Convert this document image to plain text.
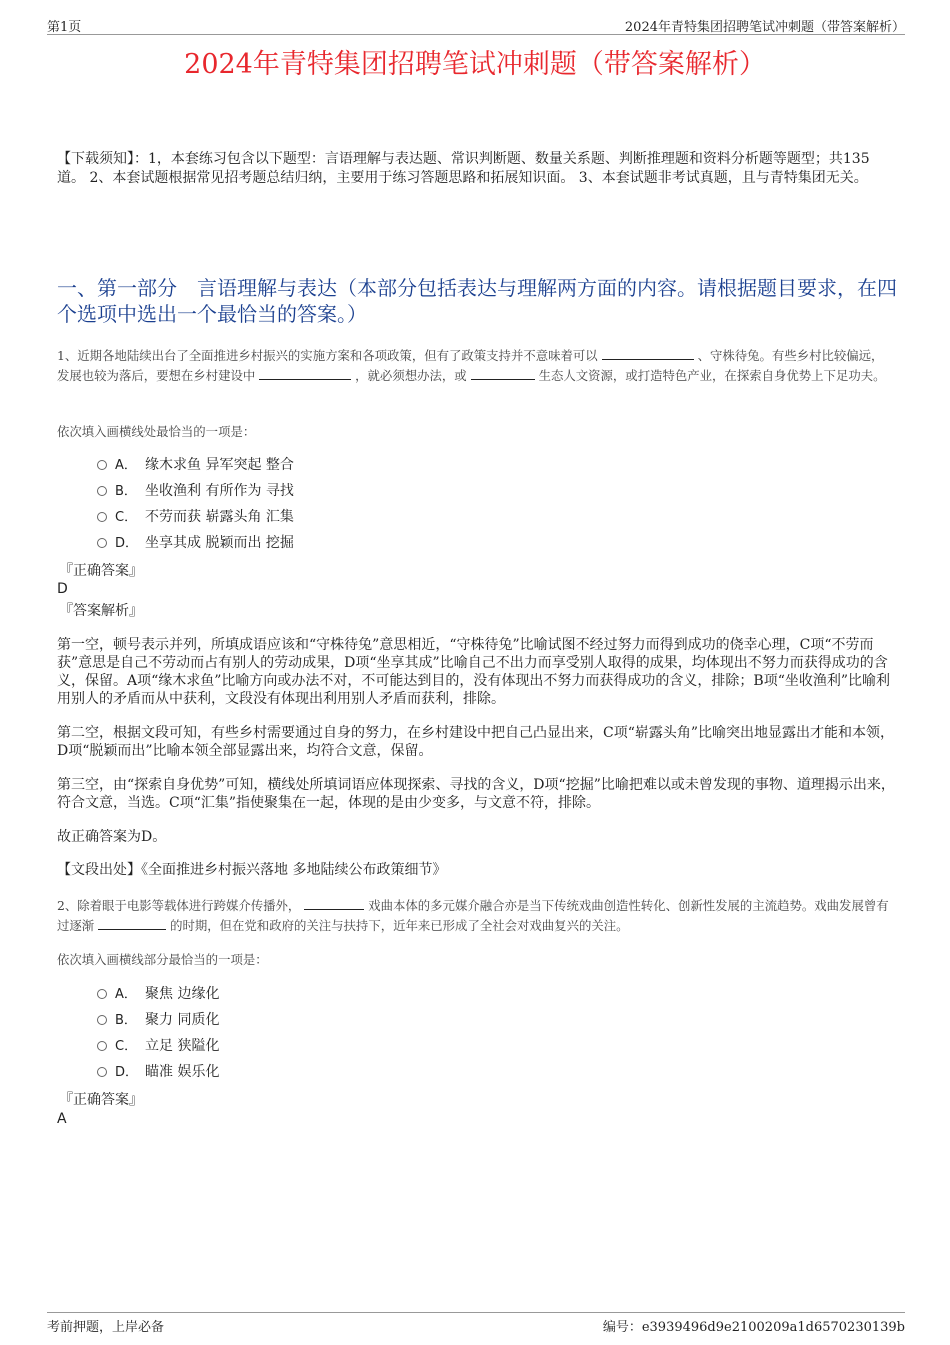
第1页	2024年青特集团招聘笔试冲刺题（带答案解析）
2024年青特集团招聘笔试冲刺题（带答案解析）
【下载须知】：1，本套练习包含以下题型：言语理解与表达题、常识判断题、数量关系题、判断推理题和资料分析题等题型；共135道。 2、本套试题根据常见招考题总结归纳，主要用于练习答题思路和拓展知识面。 3、本套试题非考试真题，且与青特集团无关。
一、第一部分　言语理解与表达（本部分包括表达与理解两方面的内容。请根据题目要求，在四个选项中选出一个最恰当的答案。）
1、近期各地陆续出台了全面推进乡村振兴的实施方案和各项政策，但有了政策支持并不意味着可以	、守株待兔。有些乡村比较偏远，发展也较为落后，要想在乡村建设中	，就必须想办法，或	生态人文资源，或打造特色产业，在探索自身优势上下足功夫。
依次填入画横线处最恰当的一项是：
A． 缘木求鱼 异军突起 整合
B． 坐收渔利 有所作为 寻找
C． 不劳而获 崭露头角 汇集
D． 坐享其成 脱颖而出 挖掘
『正确答案』
D
『答案解析』
第一空，顿号表示并列，所填成语应该和“守株待兔”意思相近，“守株待兔”比喻试图不经过努力而得到成功的侥幸心理，C项“不劳而获”意思是自己不劳动而占有别人的劳动成果，D项“坐享其成”比喻自己不出力而享受别人取得的成果，均体现出不努力而获得成功的含义，保留。A项“缘木求鱼”比喻方向或办法不对，不可能达到目的，没有体现出不努力而获得成功的含义，排除；B项“坐收渔利”比喻利用别人的矛盾而从中获利，文段没有体现出利用别人矛盾而获利，排除。
第二空，根据文段可知，有些乡村需要通过自身的努力，在乡村建设中把自己凸显出来，C项“崭露头角”比喻突出地显露出才能和本领，D项“脱颖而出”比喻本领全部显露出来，均符合文意，保留。
第三空，由“探索自身优势”可知，横线处所填词语应体现探索、寻找的含义，D项“挖掘”比喻把难以或未曾发现的事物、道理揭示出来，符合文意，当选。C项“汇集”指使聚集在一起，体现的是由少变多，与文意不符，排除。
故正确答案为D。
【文段出处】《全面推进乡村振兴落地 多地陆续公布政策细节》
2、除着眼于电影等载体进行跨媒介传播外，	戏曲本体的多元媒介融合亦是当下传统戏曲创造性转化、创新性发展的主流趋势。戏曲发展曾有过逐渐	的时期，但在党和政府的关注与扶持下，近年来已形成了全社会对戏曲复兴的关注。
依次填入画横线部分最恰当的一项是：
A． 聚焦 边缘化
B． 聚力 同质化
C． 立足 狭隘化
D． 瞄准 娱乐化
『正确答案』
A
考前押题，上岸必备	编号：e3939496d9e2100209a1d6570230139b
